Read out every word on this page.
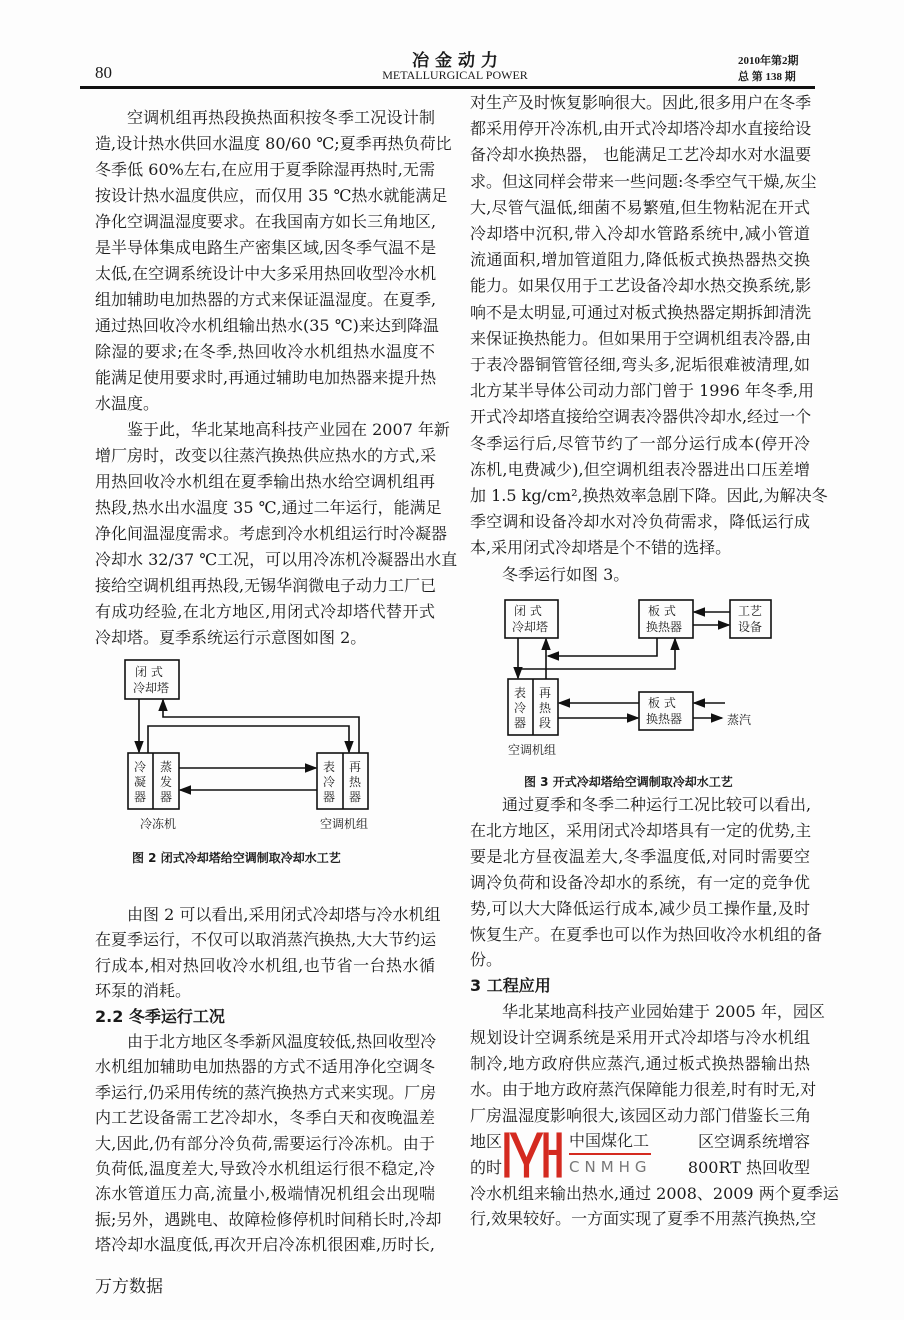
80
冶 金 动 力
METALLURGICAL POWER
2010年第2期
总 第 138 期
中国煤化工
CNMHG
空调机组再热段换热面积按冬季工况设计制
造,设计热水供回水温度 80/60 ℃;夏季再热负荷比
冬季低 60%左右,在应用于夏季除湿再热时,无需
按设计热水温度供应，而仅用 35 ℃热水就能满足
净化空调温湿度要求。在我国南方如长三角地区,
是半导体集成电路生产密集区域,因冬季气温不是
太低,在空调系统设计中大多采用热回收型冷水机
组加辅助电加热器的方式来保证温湿度。在夏季,
通过热回收冷水机组输出热水(35 ℃)来达到降温
除湿的要求;在冬季,热回收冷水机组热水温度不
能满足使用要求时,再通过辅助电加热器来提升热
水温度。
鉴于此，华北某地高科技产业园在 2007 年新
增厂房时，改变以往蒸汽换热供应热水的方式,采
用热回收冷水机组在夏季输出热水给空调机组再
热段,热水出水温度 35 ℃,通过二年运行，能满足
净化间温湿度需求。考虑到冷水机组运行时冷凝器
冷却水 32/37 ℃工况，可以用冷冻机冷凝器出水直
接给空调机组再热段,无锡华润微电子动力工厂已
有成功经验,在北方地区,用闭式冷却塔代替开式
冷却塔。夏季系统运行示意图如图 2。
由图 2 可以看出,采用闭式冷却塔与冷水机组
在夏季运行，不仅可以取消蒸汽换热,大大节约运
行成本,相对热回收冷水机组,也节省一台热水循
环泵的消耗。
2.2 冬季运行工况
由于北方地区冬季新风温度较低,热回收型冷
水机组加辅助电加热器的方式不适用净化空调冬
季运行,仍采用传统的蒸汽换热方式来实现。厂房
内工艺设备需工艺冷却水，冬季白天和夜晚温差
大,因此,仍有部分冷负荷,需要运行冷冻机。由于
负荷低,温度差大,导致冷水机组运行很不稳定,冷
冻水管道压力高,流量小,极端情况机组会出现喘
振;另外，遇跳电、故障检修停机时间稍长时,冷却
塔冷却水温度低,再次开启冷冻机很困难,历时长,
对生产及时恢复影响很大。因此,很多用户在冬季
都采用停开冷冻机,由开式冷却塔冷却水直接给设
备冷却水换热器， 也能满足工艺冷却水对水温要
求。但这同样会带来一些问题:冬季空气干燥,灰尘
大,尽管气温低,细菌不易繁殖,但生物粘泥在开式
冷却塔中沉积,带入冷却水管路系统中,减小管道
流通面积,增加管道阻力,降低板式换热器热交换
能力。如果仅用于工艺设备冷却水热交换系统,影
响不是太明显,可通过对板式换热器定期拆卸清洗
来保证换热能力。但如果用于空调机组表冷器,由
于表冷器铜管管径细,弯头多,泥垢很难被清理,如
北方某半导体公司动力部门曾于 1996 年冬季,用
开式冷却塔直接给空调表冷器供冷却水,经过一个
冬季运行后,尽管节约了一部分运行成本(停开冷
冻机,电费减少),但空调机组表冷器进出口压差增
加 1.5 kg/cm²,换热效率急剧下降。因此,为解决冬
季空调和设备冷却水对冷负荷需求，降低运行成
本,采用闭式冷却塔是个不错的选择。
冬季运行如图 3。
通过夏季和冬季二种运行工况比较可以看出,
在北方地区，采用闭式冷却塔具有一定的优势,主
要是北方昼夜温差大,冬季温度低,对同时需要空
调冷负荷和设备冷却水的系统，有一定的竞争优
势,可以大大降低运行成本,减少员工操作量,及时
恢复生产。在夏季也可以作为热回收冷水机组的备
份。
3 工程应用
华北某地高科技产业园始建于 2005 年，园区
规划设计空调系统是采用开式冷却塔与冷水机组
制冷,地方政府供应蒸汽,通过板式换热器输出热
水。由于地方政府蒸汽保障能力很差,时有时无,对
厂房温湿度影响很大,该园区动力部门借鉴长三角
地区	区空调系统增容
的时	800RT 热回收型
冷水机组来输出热水,通过 2008、2009 两个夏季运
行,效果较好。一方面实现了夏季不用蒸汽换热,空
闭 式
冷却塔
冷
凝
器
蒸
发
器
表
冷
器
再
热
器
冷冻机	空调机组
闭 式
冷却塔
板 式
换热器
工艺
设备
表
冷
器
再
热
段
板 式
换热器	蒸汽
空调机组
图 2 闭式冷却塔给空调制取冷却水工艺
图 3 开式冷却塔给空调制取冷却水工艺
万方数据
